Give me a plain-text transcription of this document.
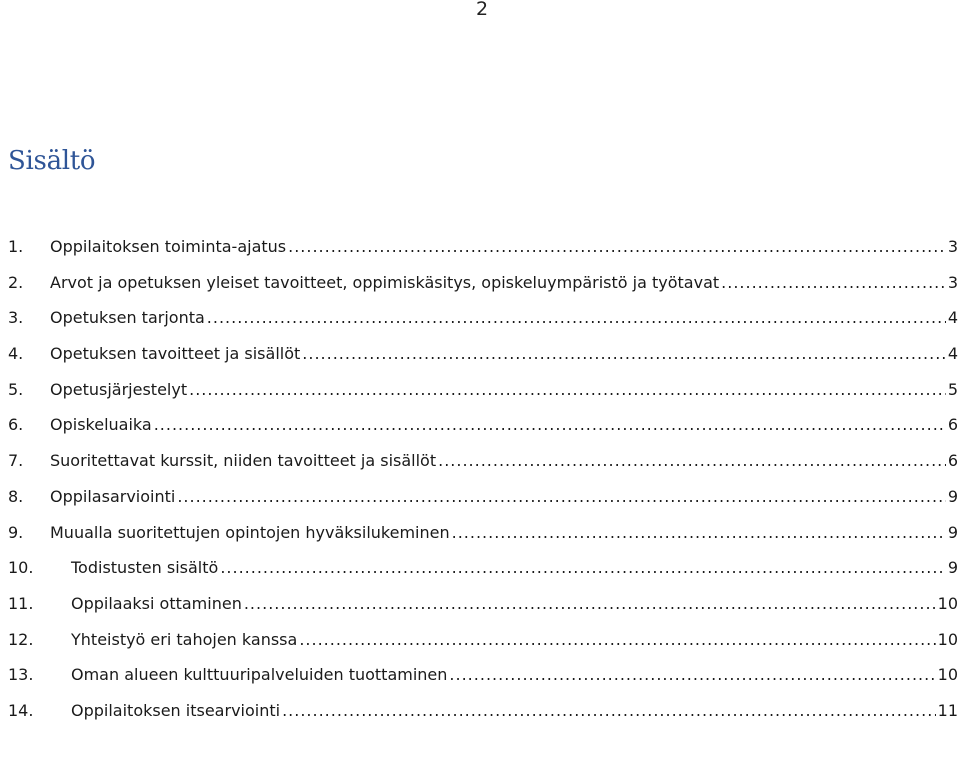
2
Sisältö
1.	Oppilaitoksen toiminta-ajatus .....	3
2.	Arvot ja opetuksen yleiset tavoitteet, oppimiskäsitys, opiskeluympäristö ja työtavat .....	3
3.	Opetuksen tarjonta .....	4
4.	Opetuksen tavoitteet ja sisällöt .....	4
5.	Opetusjärjestelyt .....	5
6.	Opiskeluaika .....	6
7.	Suoritettavat kurssit, niiden tavoitteet ja sisällöt .....	6
8.	Oppilasarviointi .....	9
9.	Muualla suoritettujen opintojen hyväksilukeminen .....	9
10.	Todistusten sisältö .....	9
11.	Oppilaaksi ottaminen .....	10
12.	Yhteistyö eri tahojen kanssa .....	10
13.	Oman alueen kulttuuripalveluiden tuottaminen .....	10
14.	Oppilaitoksen itsearviointi .....	11
